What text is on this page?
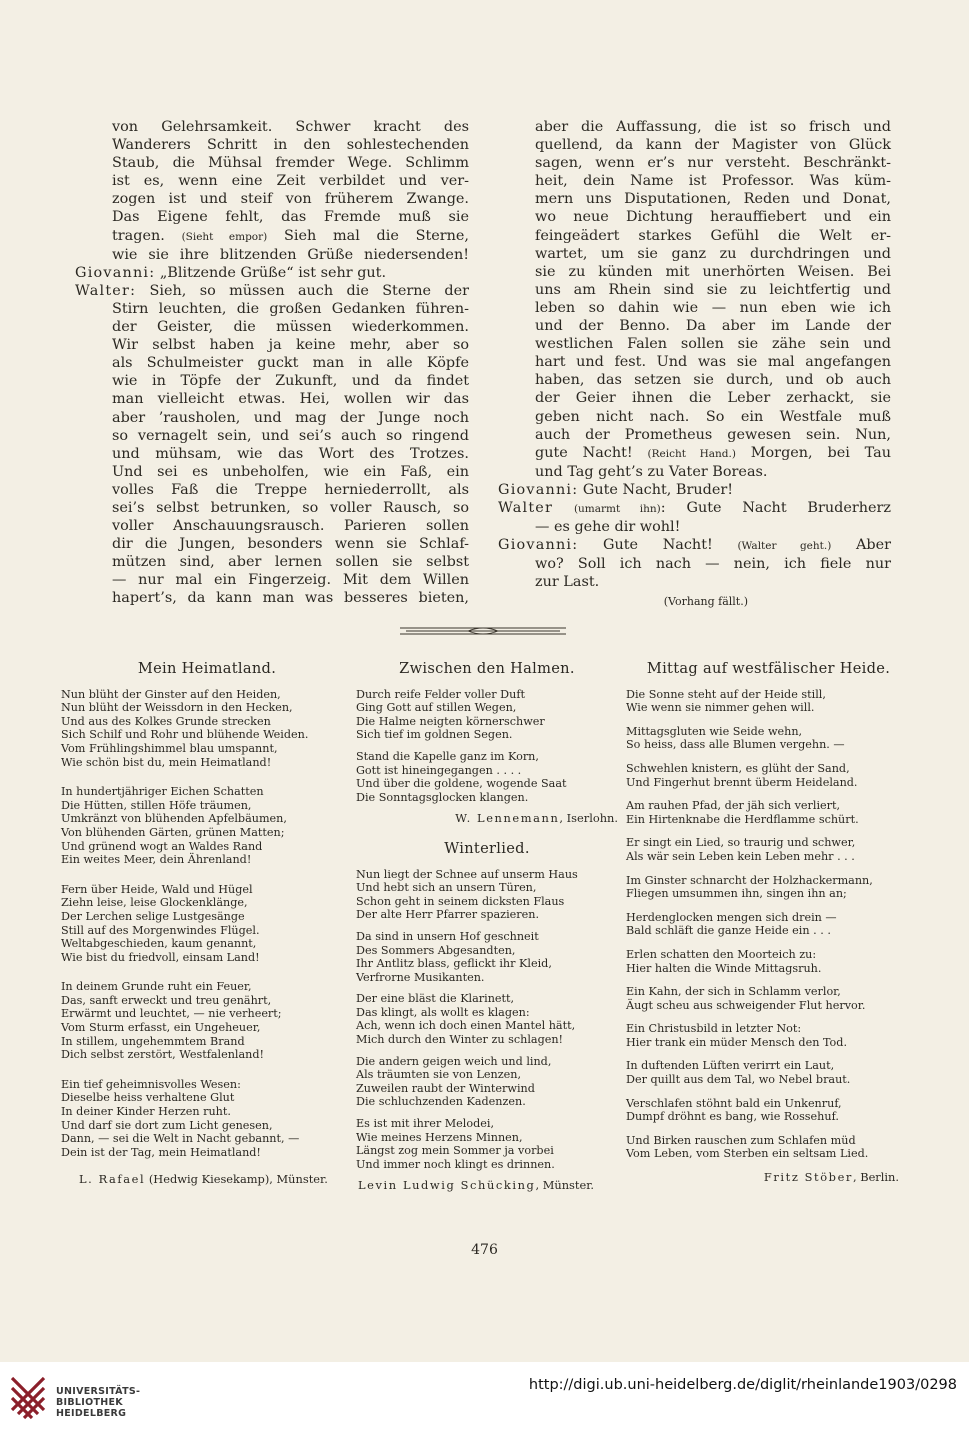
von Gelehrsamkeit. Schwer kracht des
Wanderers Schritt in den sohlestechenden
Staub, die Mühsal fremder Wege. Schlimm
ist es, wenn eine Zeit verbildet und ver-
zogen ist und steif von früherem Zwange.
Das Eigene fehlt, das Fremde muß sie
tragen. (Sieht empor) Sieh mal die Sterne,
wie sie ihre blitzenden Grüße niedersenden!
Giovanni: „Blitzende Grüße“ ist sehr gut.
Walter: Sieh, so müssen auch die Sterne der
Stirn leuchten, die großen Gedanken führen-
der Geister, die müssen wiederkommen.
Wir selbst haben ja keine mehr, aber so
als Schulmeister guckt man in alle Köpfe
wie in Töpfe der Zukunft, und da findet
man vielleicht etwas. Hei, wollen wir das
aber ’rausholen, und mag der Junge noch
so vernagelt sein, und sei’s auch so ringend
und mühsam, wie das Wort des Trotzes.
Und sei es unbeholfen, wie ein Faß, ein
volles Faß die Treppe herniederrollt, als
sei’s selbst betrunken, so voller Rausch, so
voller Anschauungsrausch. Parieren sollen
dir die Jungen, besonders wenn sie Schlaf-
mützen sind, aber lernen sollen sie selbst
— nur mal ein Fingerzeig. Mit dem Willen
hapert’s, da kann man was besseres bieten,
aber die Auffassung, die ist so frisch und
quellend, da kann der Magister von Glück
sagen, wenn er’s nur versteht. Beschränkt-
heit, dein Name ist Professor. Was küm-
mern uns Disputationen, Reden und Donat,
wo neue Dichtung herauffiebert und ein
feingeädert starkes Gefühl die Welt er-
wartet, um sie ganz zu durchdringen und
sie zu künden mit unerhörten Weisen. Bei
uns am Rhein sind sie zu leichtfertig und
leben so dahin wie — nun eben wie ich
und der Benno. Da aber im Lande der
westlichen Falen sollen sie zähe sein und
hart und fest. Und was sie mal angefangen
haben, das setzen sie durch, und ob auch
der Geier ihnen die Leber zerhackt, sie
geben nicht nach. So ein Westfale muß
auch der Prometheus gewesen sein. Nun,
gute Nacht! (Reicht Hand.) Morgen, bei Tau
und Tag geht’s zu Vater Boreas.
Giovanni: Gute Nacht, Bruder!
Walter (umarmt ihn): Gute Nacht Bruderherz
— es gehe dir wohl!
Giovanni: Gute Nacht! (Walter geht.) Aber
wo? Soll ich nach — nein, ich fiele nur
zur Last.
(Vorhang fällt.)
Mein Heimatland.
Nun blüht der Ginster auf den Heiden,
Nun blüht der Weissdorn in den Hecken,
Und aus des Kolkes Grunde strecken
Sich Schilf und Rohr und blühende Weiden.
Vom Frühlingshimmel blau umspannt,
Wie schön bist du, mein Heimatland!
In hundertjähriger Eichen Schatten
Die Hütten, stillen Höfe träumen,
Umkränzt von blühenden Apfelbäumen,
Von blühenden Gärten, grünen Matten;
Und grünend wogt an Waldes Rand
Ein weites Meer, dein Ährenland!
Fern über Heide, Wald und Hügel
Ziehn leise, leise Glockenklänge,
Der Lerchen selige Lustgesänge
Still auf des Morgenwindes Flügel.
Weltabgeschieden, kaum genannt,
Wie bist du friedvoll, einsam Land!
In deinem Grunde ruht ein Feuer,
Das, sanft erweckt und treu genährt,
Erwärmt und leuchtet, — nie verheert;
Vom Sturm erfasst, ein Ungeheuer,
In stillem, ungehemmtem Brand
Dich selbst zerstört, Westfalenland!
Ein tief geheimnisvolles Wesen:
Dieselbe heiss verhaltene Glut
In deiner Kinder Herzen ruht.
Und darf sie dort zum Licht genesen,
Dann, — sei die Welt in Nacht gebannt, —
Dein ist der Tag, mein Heimatland!
L. Rafael (Hedwig Kiesekamp), Münster.
Zwischen den Halmen.
Durch reife Felder voller Duft
Ging Gott auf stillen Wegen,
Die Halme neigten körnerschwer
Sich tief im goldnen Segen.
Stand die Kapelle ganz im Korn,
Gott ist hineingegangen . . . .
Und über die goldene, wogende Saat
Die Sonntagsglocken klangen.
W. Lennemann, Iserlohn.
Winterlied.
Nun liegt der Schnee auf unserm Haus
Und hebt sich an unsern Türen,
Schon geht in seinem dicksten Flaus
Der alte Herr Pfarrer spazieren.
Da sind in unsern Hof geschneit
Des Sommers Abgesandten,
Ihr Antlitz blass, geflickt ihr Kleid,
Verfrorne Musikanten.
Der eine bläst die Klarinett,
Das klingt, als wollt es klagen:
Ach, wenn ich doch einen Mantel hätt,
Mich durch den Winter zu schlagen!
Die andern geigen weich und lind,
Als träumten sie von Lenzen,
Zuweilen raubt der Winterwind
Die schluchzenden Kadenzen.
Es ist mit ihrer Melodei,
Wie meines Herzens Minnen,
Längst zog mein Sommer ja vorbei
Und immer noch klingt es drinnen.
Levin Ludwig Schücking, Münster.
Mittag auf westfälischer Heide.
Die Sonne steht auf der Heide still,
Wie wenn sie nimmer gehen will.
Mittagsgluten wie Seide wehn,
So heiss, dass alle Blumen vergehn. —
Schwehlen knistern, es glüht der Sand,
Und Fingerhut brennt überm Heideland.
Am rauhen Pfad, der jäh sich verliert,
Ein Hirtenknabe die Herdflamme schürt.
Er singt ein Lied, so traurig und schwer,
Als wär sein Leben kein Leben mehr . . .
Im Ginster schnarcht der Holzhackermann,
Fliegen umsummen ihn, singen ihn an;
Herdenglocken mengen sich drein —
Bald schläft die ganze Heide ein . . .
Erlen schatten den Moorteich zu:
Hier halten die Winde Mittagsruh.
Ein Kahn, der sich in Schlamm verlor,
Äugt scheu aus schweigender Flut hervor.
Ein Christusbild in letzter Not:
Hier trank ein müder Mensch den Tod.
In duftenden Lüften verirrt ein Laut,
Der quillt aus dem Tal, wo Nebel braut.
Verschlafen stöhnt bald ein Unkenruf,
Dumpf dröhnt es bang, wie Rossehuf.
Und Birken rauschen zum Schlafen müd
Vom Leben, vom Sterben ein seltsam Lied.
Fritz Stöber, Berlin.
476
UNIVERSITÄTS-
BIBLIOTHEK
HEIDELBERG
http://digi.ub.uni-heidelberg.de/diglit/rheinlande1903/0298
